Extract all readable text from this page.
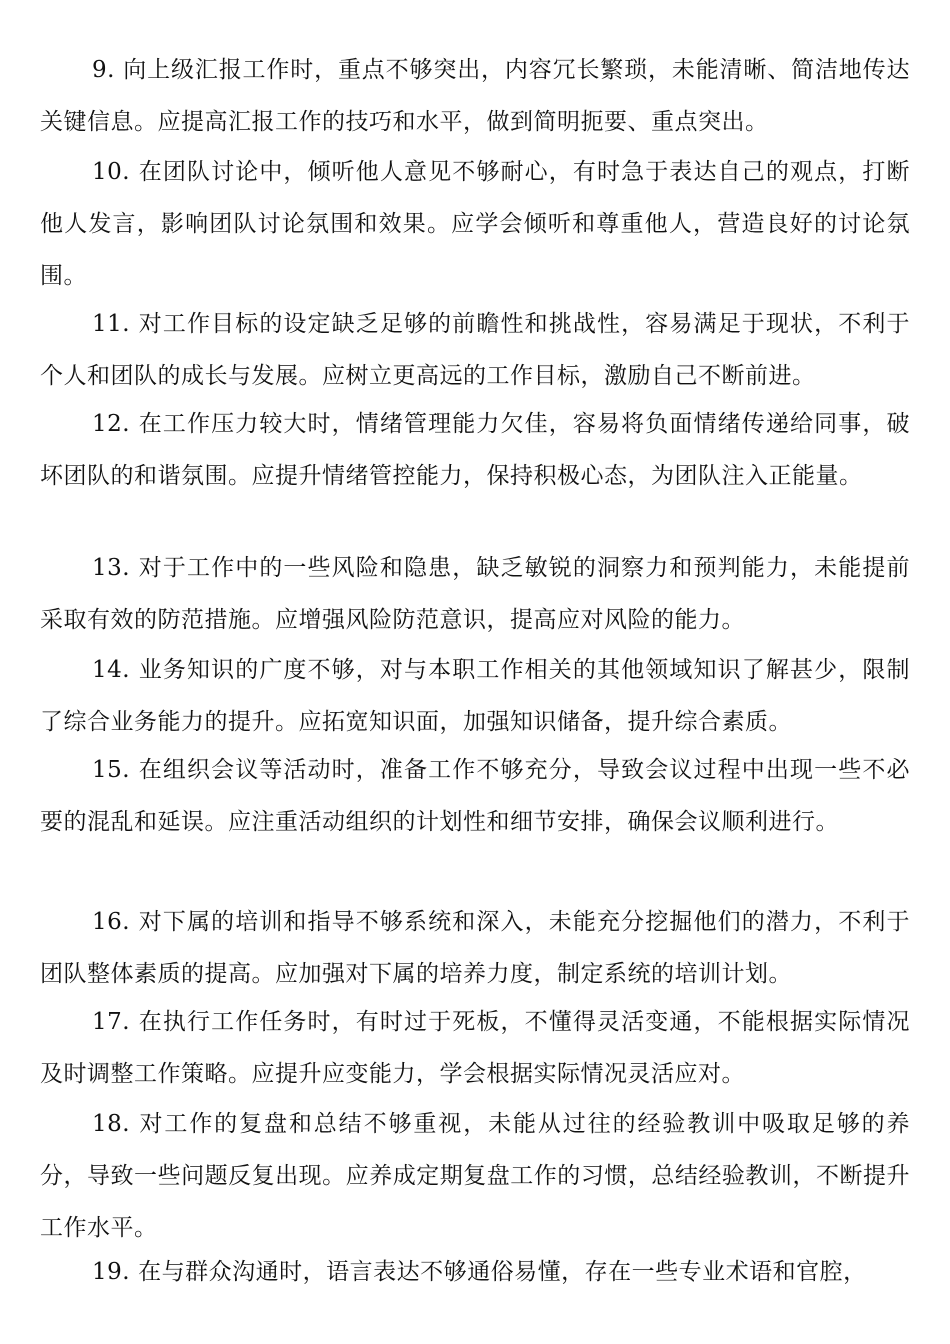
9. 向上级汇报工作时，重点不够突出，内容冗长繁琐，未能清晰、简洁地传达关键信息。应提高汇报工作的技巧和水平，做到简明扼要、重点突出。

10. 在团队讨论中，倾听他人意见不够耐心，有时急于表达自己的观点，打断他人发言，影响团队讨论氛围和效果。应学会倾听和尊重他人，营造良好的讨论氛围。

11. 对工作目标的设定缺乏足够的前瞻性和挑战性，容易满足于现状，不利于个人和团队的成长与发展。应树立更高远的工作目标，激励自己不断前进。

12. 在工作压力较大时，情绪管理能力欠佳，容易将负面情绪传递给同事，破坏团队的和谐氛围。应提升情绪管控能力，保持积极心态，为团队注入正能量。

13. 对于工作中的一些风险和隐患，缺乏敏锐的洞察力和预判能力，未能提前采取有效的防范措施。应增强风险防范意识，提高应对风险的能力。

14. 业务知识的广度不够，对与本职工作相关的其他领域知识了解甚少，限制了综合业务能力的提升。应拓宽知识面，加强知识储备，提升综合素质。

15. 在组织会议等活动时，准备工作不够充分，导致会议过程中出现一些不必要的混乱和延误。应注重活动组织的计划性和细节安排，确保会议顺利进行。

16. 对下属的培训和指导不够系统和深入，未能充分挖掘他们的潜力，不利于团队整体素质的提高。应加强对下属的培养力度，制定系统的培训计划。

17. 在执行工作任务时，有时过于死板，不懂得灵活变通，不能根据实际情况及时调整工作策略。应提升应变能力，学会根据实际情况灵活应对。

18. 对工作的复盘和总结不够重视，未能从过往的经验教训中吸取足够的养分，导致一些问题反复出现。应养成定期复盘工作的习惯，总结经验教训，不断提升工作水平。

19. 在与群众沟通时，语言表达不够通俗易懂，存在一些专业术语和官腔，
